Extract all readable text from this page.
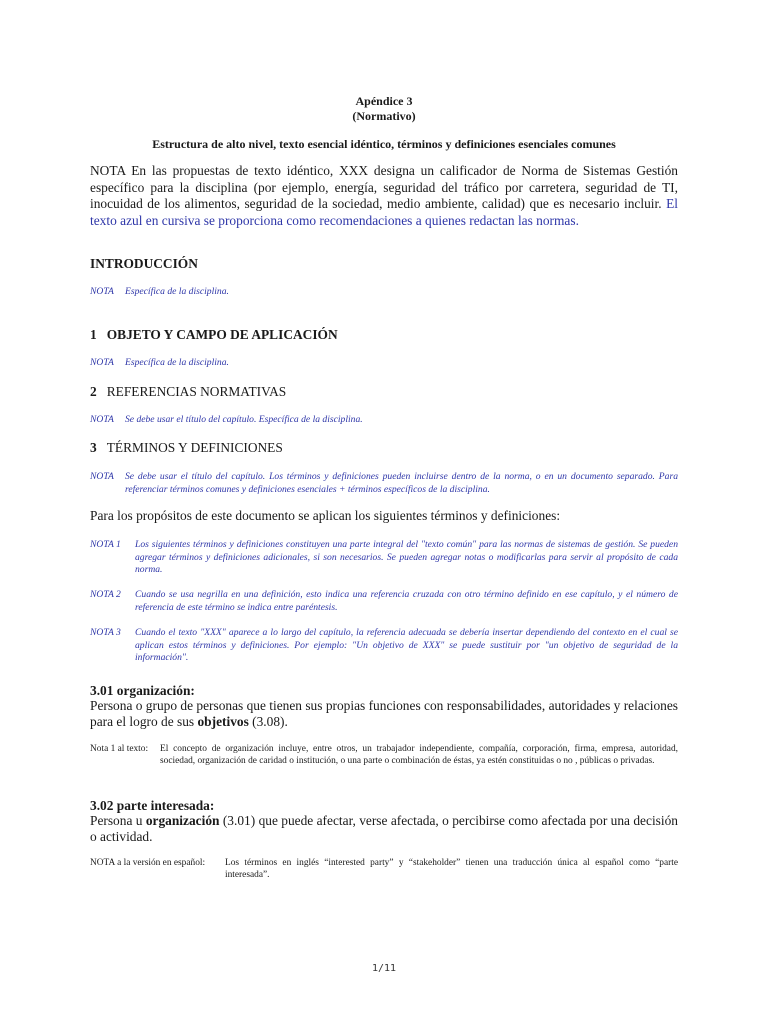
Apéndice 3
(Normativo)
Estructura de alto nivel, texto esencial idéntico, términos y definiciones esenciales comunes
NOTA En las propuestas de texto idéntico, XXX designa un calificador de Norma de Sistemas Gestión específico para la disciplina (por ejemplo, energía, seguridad del tráfico por carretera, seguridad de TI, inocuidad de los alimentos, seguridad de la sociedad, medio ambiente, calidad) que es necesario incluir. El texto azul en cursiva se proporciona como recomendaciones a quienes redactan las normas.
INTRODUCCIÓN
NOTA Específica de la disciplina.
1 OBJETO Y CAMPO DE APLICACIÓN
NOTA Específica de la disciplina.
2 REFERENCIAS NORMATIVAS
NOTA Se debe usar el título del capítulo. Específica de la disciplina.
3 TÉRMINOS Y DEFINICIONES
NOTA Se debe usar el título del capítulo. Los términos y definiciones pueden incluirse dentro de la norma, o en un documento separado. Para referenciar términos comunes y definiciones esenciales + términos específicos de la disciplina.
Para los propósitos de este documento se aplican los siguientes términos y definiciones:
NOTA 1 Los siguientes términos y definiciones constituyen una parte integral del "texto común" para las normas de sistemas de gestión. Se pueden agregar términos y definiciones adicionales, si son necesarios. Se pueden agregar notas o modificarlas para servir al propósito de cada norma.
NOTA 2 Cuando se usa negrilla en una definición, esto indica una referencia cruzada con otro término definido en ese capítulo, y el número de referencia de este término se indica entre paréntesis.
NOTA 3 Cuando el texto "XXX" aparece a lo largo del capítulo, la referencia adecuada se debería insertar dependiendo del contexto en el cual se aplican estos términos y definiciones. Por ejemplo: "Un objetivo de XXX" se puede sustituir por "un objetivo de seguridad de la información".
3.01 organización:
Persona o grupo de personas que tienen sus propias funciones con responsabilidades, autoridades y relaciones para el logro de sus objetivos (3.08).
Nota 1 al texto: El concepto de organización incluye, entre otros, un trabajador independiente, compañía, corporación, firma, empresa, autoridad, sociedad, organización de caridad o institución, o una parte o combinación de éstas, ya estén constituidas o no , públicas o privadas.
3.02 parte interesada:
Persona u organización (3.01) que puede afectar, verse afectada, o percibirse como afectada por una decisión o actividad.
NOTA a la versión en español: Los términos en inglés “interested party” y “stakeholder” tienen una traducción única al español como “parte interesada”.
1/11
